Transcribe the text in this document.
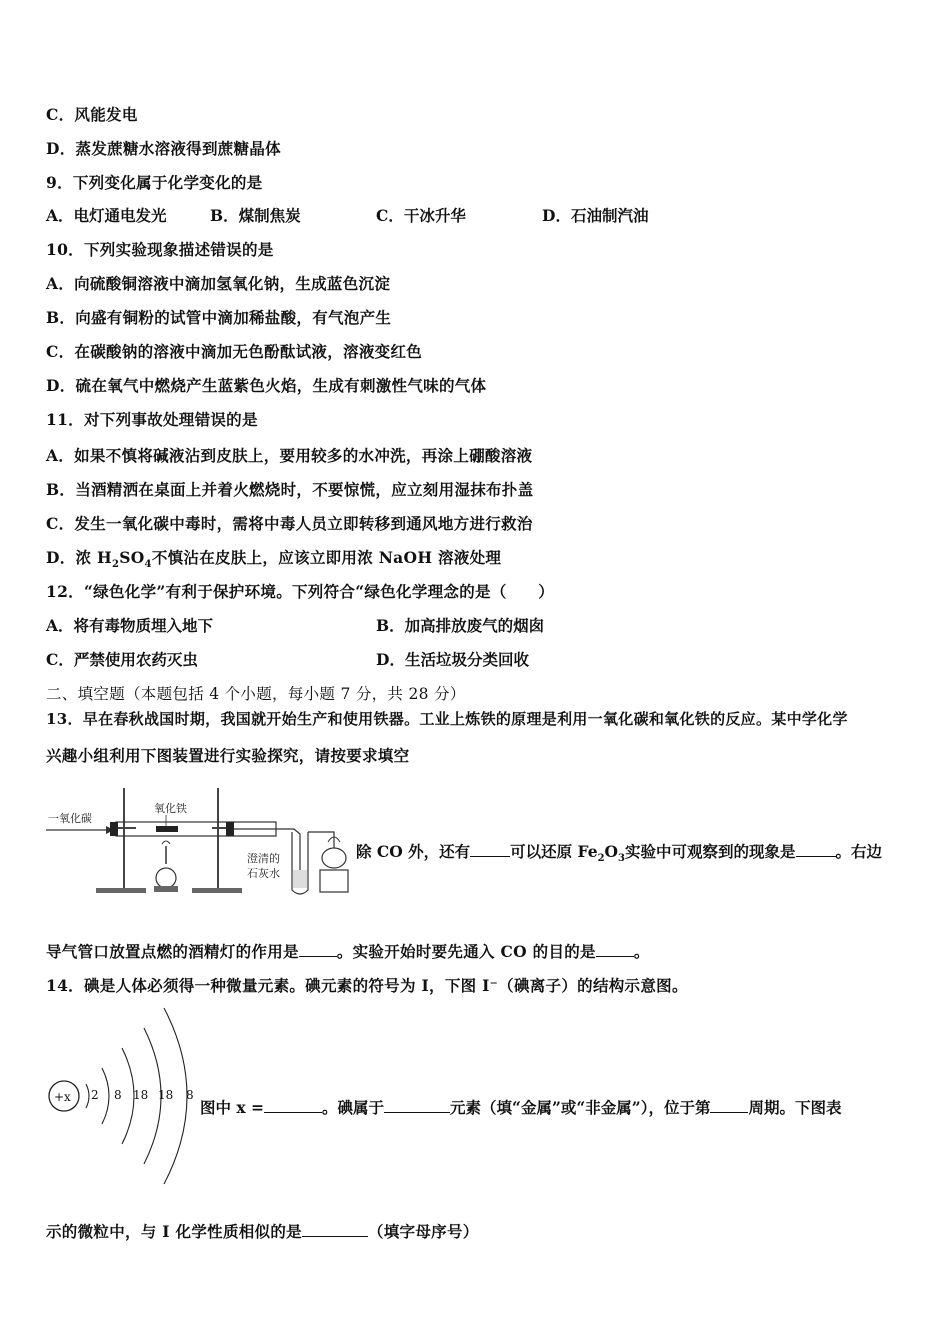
C．风能发电
D．蒸发蔗糖水溶液得到蔗糖晶体
9．下列变化属于化学变化的是
A．电灯通电发光	B．煤制焦炭	C．干冰升华	D．石油制汽油
10．下列实验现象描述错误的是
A．向硫酸铜溶液中滴加氢氧化钠，生成蓝色沉淀
B．向盛有铜粉的试管中滴加稀盐酸，有气泡产生
C．在碳酸钠的溶液中滴加无色酚酞试液，溶液变红色
D．硫在氧气中燃烧产生蓝紫色火焰，生成有刺激性气味的气体
11．对下列事故处理错误的是
A．如果不慎将碱液沾到皮肤上，要用较多的水冲洗，再涂上硼酸溶液
B．当酒精洒在桌面上并着火燃烧时，不要惊慌，应立刻用湿抹布扑盖
C．发生一氧化碳中毒时，需将中毒人员立即转移到通风地方进行救治
D．浓 $H_2SO_4$不慎沾在皮肤上，应该立即用浓 NaOH 溶液处理
12．“绿色化学”有利于保护环境。下列符合“绿色化学理念的是（　　）
A．将有毒物质埋入地下	B．加高排放废气的烟囱
C．严禁使用农药灭虫	D．生活垃圾分类回收
二、填空题（本题包括 4 个小题，每小题 7 分，共 28 分）
13．早在春秋战国时期，我国就开始生产和使用铁器。工业上炼铁的原理是利用一氧化碳和氧化铁的反应。某中学化学
兴趣小组利用下图装置进行实验探究，请按要求填空
一氧化碳
氧化铁
澄清的
石灰水
除 CO 外，还有	可以还原 $Fe_2O_3$实验中可观察到的现象是	。右边
导气管口放置点燃的酒精灯的作用是 。实验开始时要先通入 CO 的目的是 。
14．碘是人体必须得一种微量元素。碘元素的符号为 I，下图 I⁻（碘离子）的结构示意图。
+x 2 8 18 18 8
图中 x =	。碘属于	元素（填“金属”或“非金属”），位于第 周期。下图表
示的微粒中，与 I 化学性质相似的是	（填字母序号）
